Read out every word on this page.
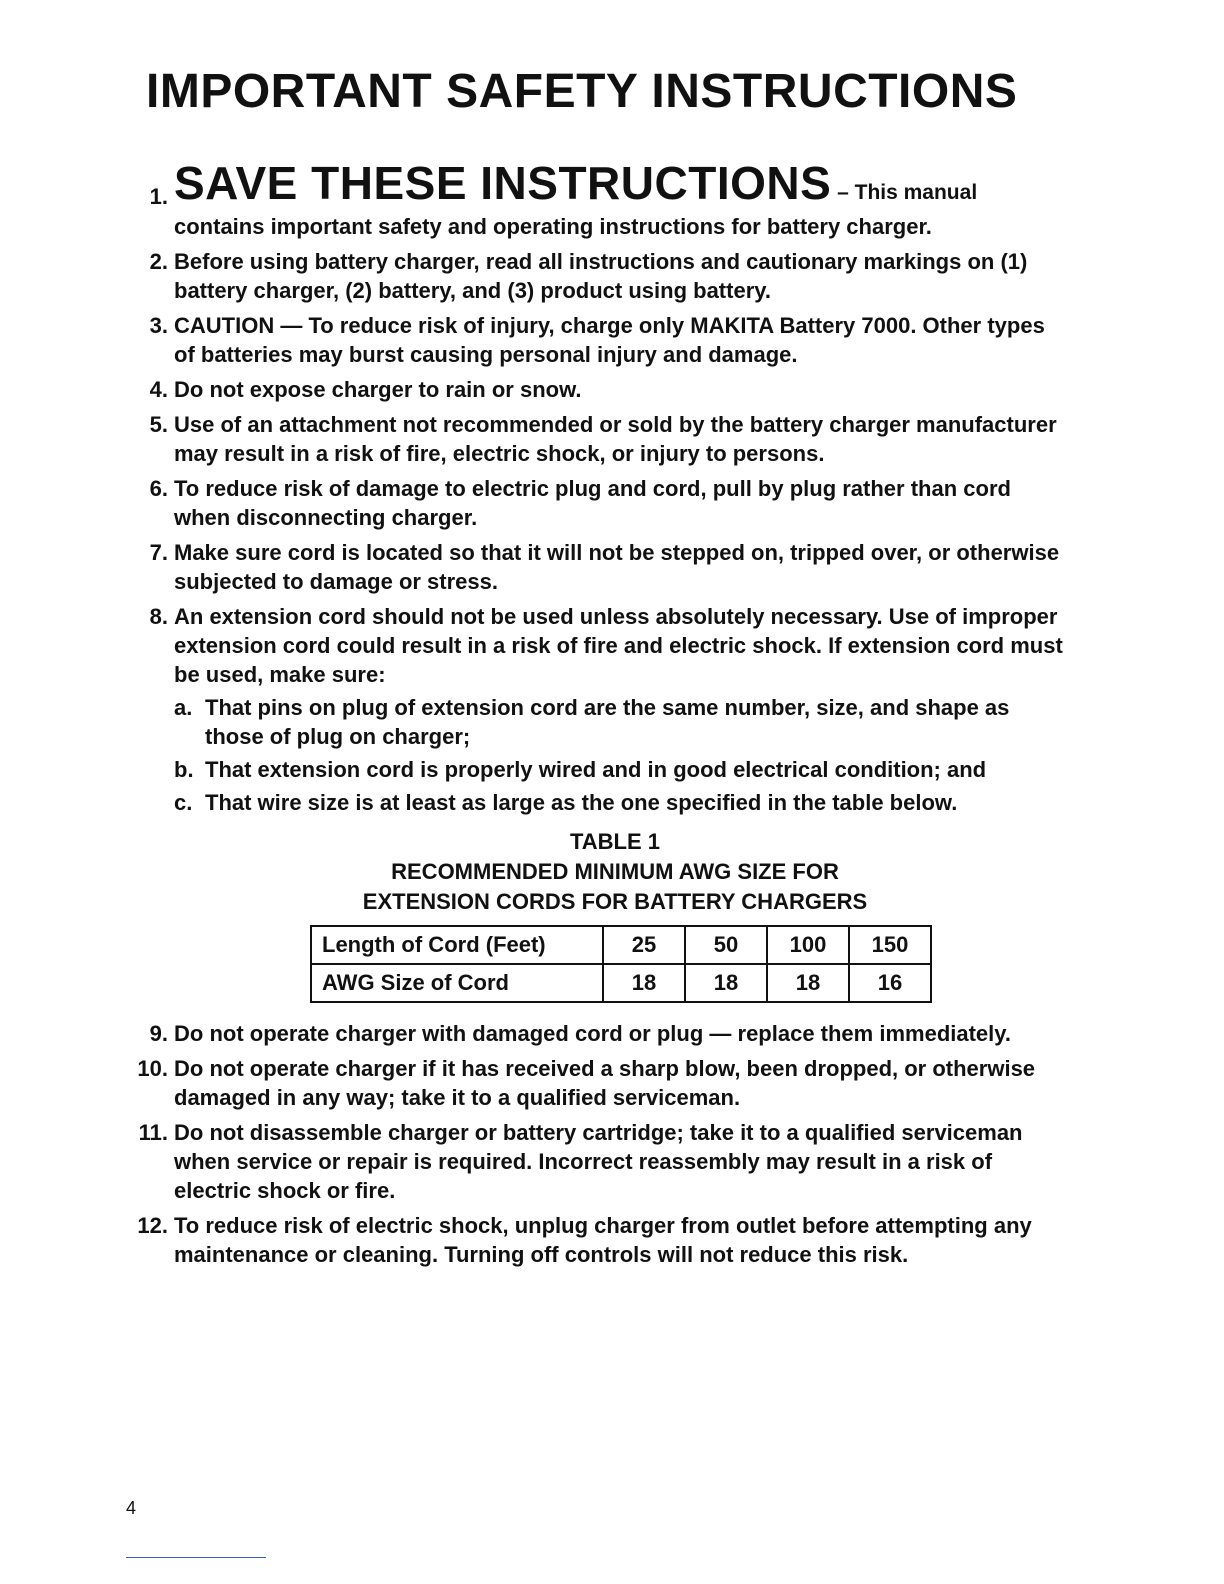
IMPORTANT SAFETY INSTRUCTIONS
1. SAVE THESE INSTRUCTIONS – This manual
contains important safety and operating instructions for battery charger.
2. Before using battery charger, read all instructions and cautionary markings on (1) battery charger, (2) battery, and (3) product using battery.
3. CAUTION — To reduce risk of injury, charge only MAKITA Battery 7000. Other types of batteries may burst causing personal injury and damage.
4. Do not expose charger to rain or snow.
5. Use of an attachment not recommended or sold by the battery charger manufacturer may result in a risk of fire, electric shock, or injury to persons.
6. To reduce risk of damage to electric plug and cord, pull by plug rather than cord when disconnecting charger.
7. Make sure cord is located so that it will not be stepped on, tripped over, or otherwise subjected to damage or stress.
8. An extension cord should not be used unless absolutely necessary. Use of improper extension cord could result in a risk of fire and electric shock. If extension cord must be used, make sure:
a. That pins on plug of extension cord are the same number, size, and shape as those of plug on charger;
b. That extension cord is properly wired and in good electrical condition; and
c. That wire size is at least as large as the one specified in the table below.
TABLE 1
RECOMMENDED MINIMUM AWG SIZE FOR
EXTENSION CORDS FOR BATTERY CHARGERS
Length of Cord (Feet)	25	50	100	150
AWG Size of Cord	18	18	18	16
9. Do not operate charger with damaged cord or plug — replace them immediately.
10. Do not operate charger if it has received a sharp blow, been dropped, or otherwise damaged in any way; take it to a qualified serviceman.
11. Do not disassemble charger or battery cartridge; take it to a qualified serviceman when service or repair is required. Incorrect reassembly may result in a risk of electric shock or fire.
12. To reduce risk of electric shock, unplug charger from outlet before attempting any maintenance or cleaning. Turning off controls will not reduce this risk.
4
